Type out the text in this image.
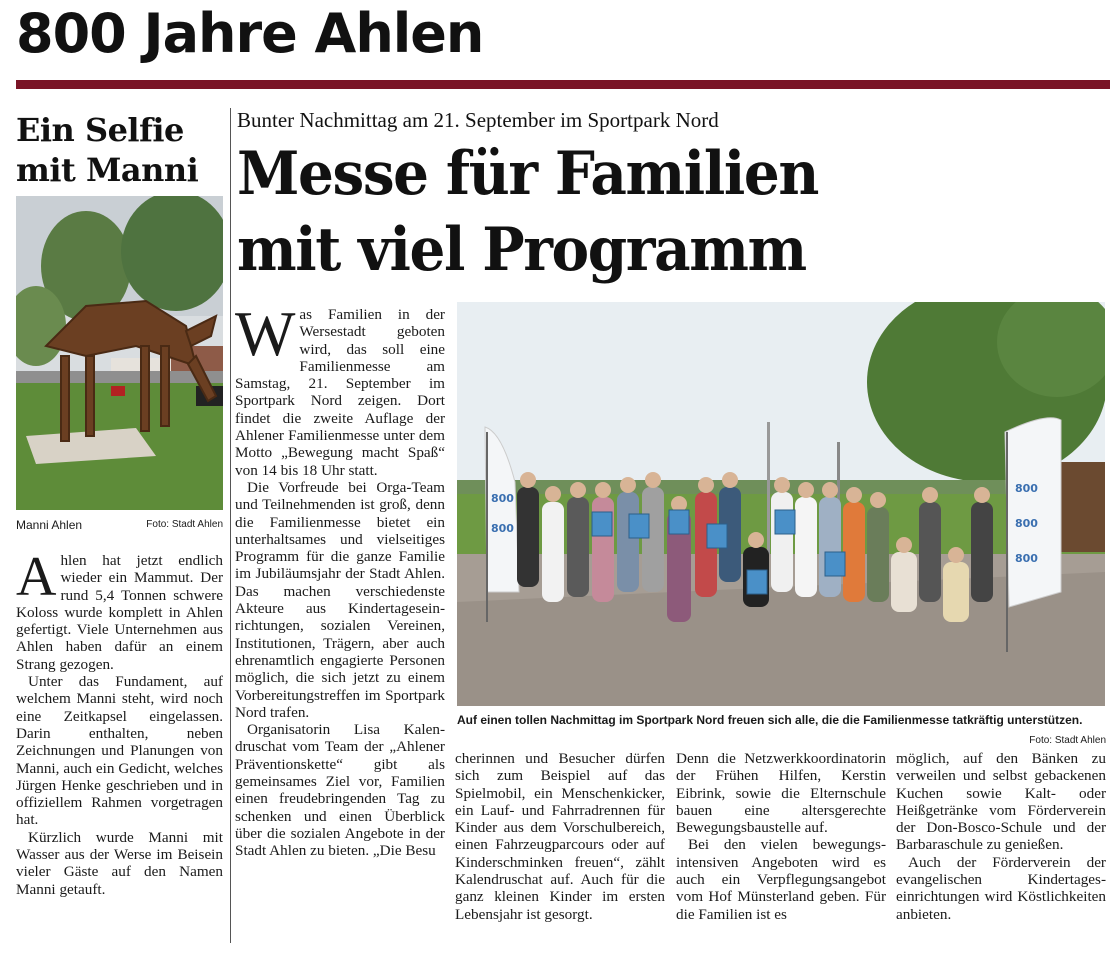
800 Jahre Ahlen
Ein Selfie
mit Manni
Manni Ahlen	Foto: Stadt Ahlen

Ahlen hat jetzt endlich wieder ein Mammut. Der rund 5,4 Tonnen schwere Koloss wurde komplett in Ahlen gefertigt. Viele Unternehmen aus Ahlen haben dafür an einem Strang gezogen.

Unter das Fundament, auf welchem Manni steht, wird noch eine Zeitkapsel eingelassen. Darin enthalten, neben Zeichnungen und Planungen von Manni, auch ein Gedicht, welches Jürgen Henke geschrieben und in offiziellem Rahmen vorgetragen hat.

Kürzlich wurde Manni mit Wasser aus der Werse im Beisein vieler Gäste auf den Namen Manni getauft.

Bunter Nachmittag am 21. September im Sportpark Nord
Messe für Familien
mit viel Programm

Was Familien in der Wersestadt geboten wird, das soll eine Familienmesse am Samstag, 21. September im Sportpark Nord zeigen. Dort findet die zweite Auflage der Ahlener Familienmesse unter dem Motto „Bewegung macht Spaß“ von 14 bis 18 Uhr statt.

Die Vorfreude bei Orga-Team und Teilnehmenden ist groß, denn die Familienmesse bietet ein unterhaltsames und vielseitiges Programm für die ganze Familie im Jubiläumsjahr der Stadt Ahlen. Das machen verschiedenste Akteure aus Kindertageseinrichtungen, sozialen Vereinen, Institutionen, Trägern, aber auch ehrenamtlich engagierte Personen möglich, die sich jetzt zu einem Vorbereitungstreffen im Sportpark Nord trafen.

Organisatorin Lisa Kalendruschat vom Team der „Ahlener Präventionskette“ gibt als gemeinsames Ziel vor, Familien einen freudebringenden Tag zu schenken und einen Überblick über die sozialen Angebote in der Stadt Ahlen zu bieten. „Die Besu

800
800
800
800
800
Auf einen tollen Nachmittag im Sportpark Nord freuen sich alle, die die Familienmesse tatkräftig unterstützen.
Foto: Stadt Ahlen

cherinnen und Besucher dürfen sich zum Beispiel auf das Spielmobil, ein Menschenkicker, ein Lauf- und Fahrradrennen für Kinder aus dem Vorschulbereich, einen Fahrzeugparcours oder auf Kinderschminken freuen“, zählt Kalendruschat auf. Auch für die ganz kleinen Kinder im ersten Lebensjahr ist gesorgt.

Denn die Netzwerkkoordinatorin der Frühen Hilfen, Kerstin Eibrink, sowie die Elternschule bauen eine altersgerechte Bewegungsbaustelle auf.

Bei den vielen bewegungsintensiven Angeboten wird es auch ein Verpflegungsangebot vom Hof Münsterland geben. Für die Familien ist es

möglich, auf den Bänken zu verweilen und selbst gebackenen Kuchen sowie Kalt- oder Heißgetränke vom Förderverein der Don-Bosco-Schule und der Barbaraschule zu genießen.

Auch der Förderverein der evangelischen Kindertageseinrichtungen wird Köstlichkeiten anbieten.
